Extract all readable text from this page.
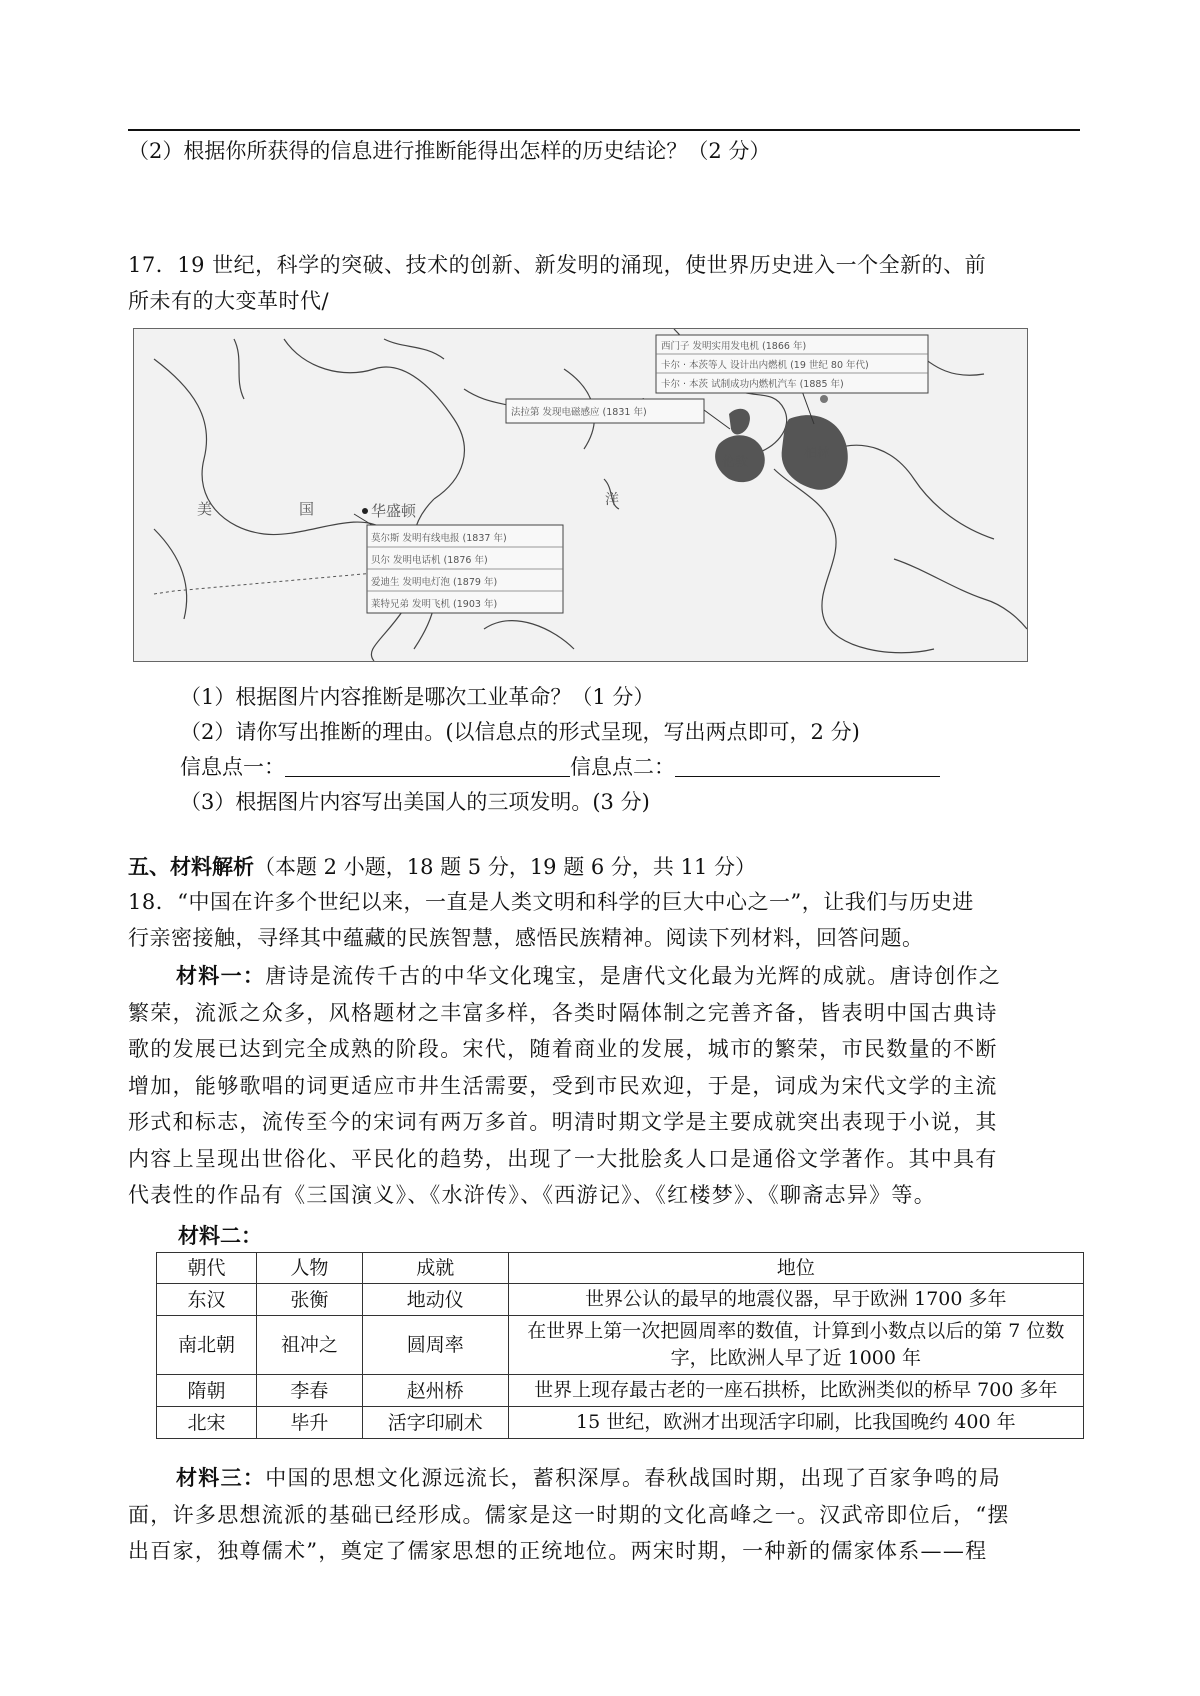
（2）根据你所获得的信息进行推断能得出怎样的历史结论？（2 分）
17．19 世纪，科学的突破、技术的创新、新发明的涌现，使世界历史进入一个全新的、前
所未有的大变革时代/
美	国	华盛顿
洋
伦敦
柏林
西门子 发明实用发电机 (1866 年)
卡尔 · 本茨等人 设计出内燃机 (19 世纪 80 年代)
卡尔 · 本茨 试制成功内燃机汽车 (1885 年)
法拉第 发现电磁感应 (1831 年)
莫尔斯 发明有线电报 (1837 年)
贝尔 发明电话机 (1876 年)
爱迪生 发明电灯泡 (1879 年)
莱特兄弟 发明飞机 (1903 年)
（1）根据图片内容推断是哪次工业革命？（1 分）
（2）请你写出推断的理由。(以信息点的形式呈现，写出两点即可，2 分)
信息点一：	信息点二：
（3）根据图片内容写出美国人的三项发明。(3 分)
五、材料解析（本题 2 小题，18 题 5 分，19 题 6 分，共 11 分）
18．“中国在许多个世纪以来，一直是人类文明和科学的巨大中心之一”，让我们与历史进
行亲密接触，寻绎其中蕴藏的民族智慧，感悟民族精神。阅读下列材料，回答问题。
材料一：唐诗是流传千古的中华文化瑰宝，是唐代文化最为光辉的成就。唐诗创作之
繁荣，流派之众多，风格题材之丰富多样，各类时隔体制之完善齐备，皆表明中国古典诗
歌的发展已达到完全成熟的阶段。宋代，随着商业的发展，城市的繁荣，市民数量的不断
增加，能够歌唱的词更适应市井生活需要，受到市民欢迎，于是，词成为宋代文学的主流
形式和标志，流传至今的宋词有两万多首。明清时期文学是主要成就突出表现于小说，其
内容上呈现出世俗化、平民化的趋势，出现了一大批脍炙人口是通俗文学著作。其中具有
代表性的作品有《三国演义》、《水浒传》、《西游记》、《红楼梦》、《聊斋志异》等。
材料二：
朝代	人物	成就	地位
东汉	张衡	地动仪	世界公认的最早的地震仪器，早于欧洲 1700 多年
南北朝	祖冲之	圆周率	在世界上第一次把圆周率的数值，计算到小数点以后的第 7 位数字，比欧洲人早了近 1000 年
隋朝	李春	赵州桥	世界上现存最古老的一座石拱桥，比欧洲类似的桥早 700 多年
北宋	毕升	活字印刷术	15 世纪，欧洲才出现活字印刷，比我国晚约 400 年
材料三：中国的思想文化源远流长，蓄积深厚。春秋战国时期，出现了百家争鸣的局
面，许多思想流派的基础已经形成。儒家是这一时期的文化高峰之一。汉武帝即位后，“摆
出百家，独尊儒术”，奠定了儒家思想的正统地位。两宋时期，一种新的儒家体系——程
